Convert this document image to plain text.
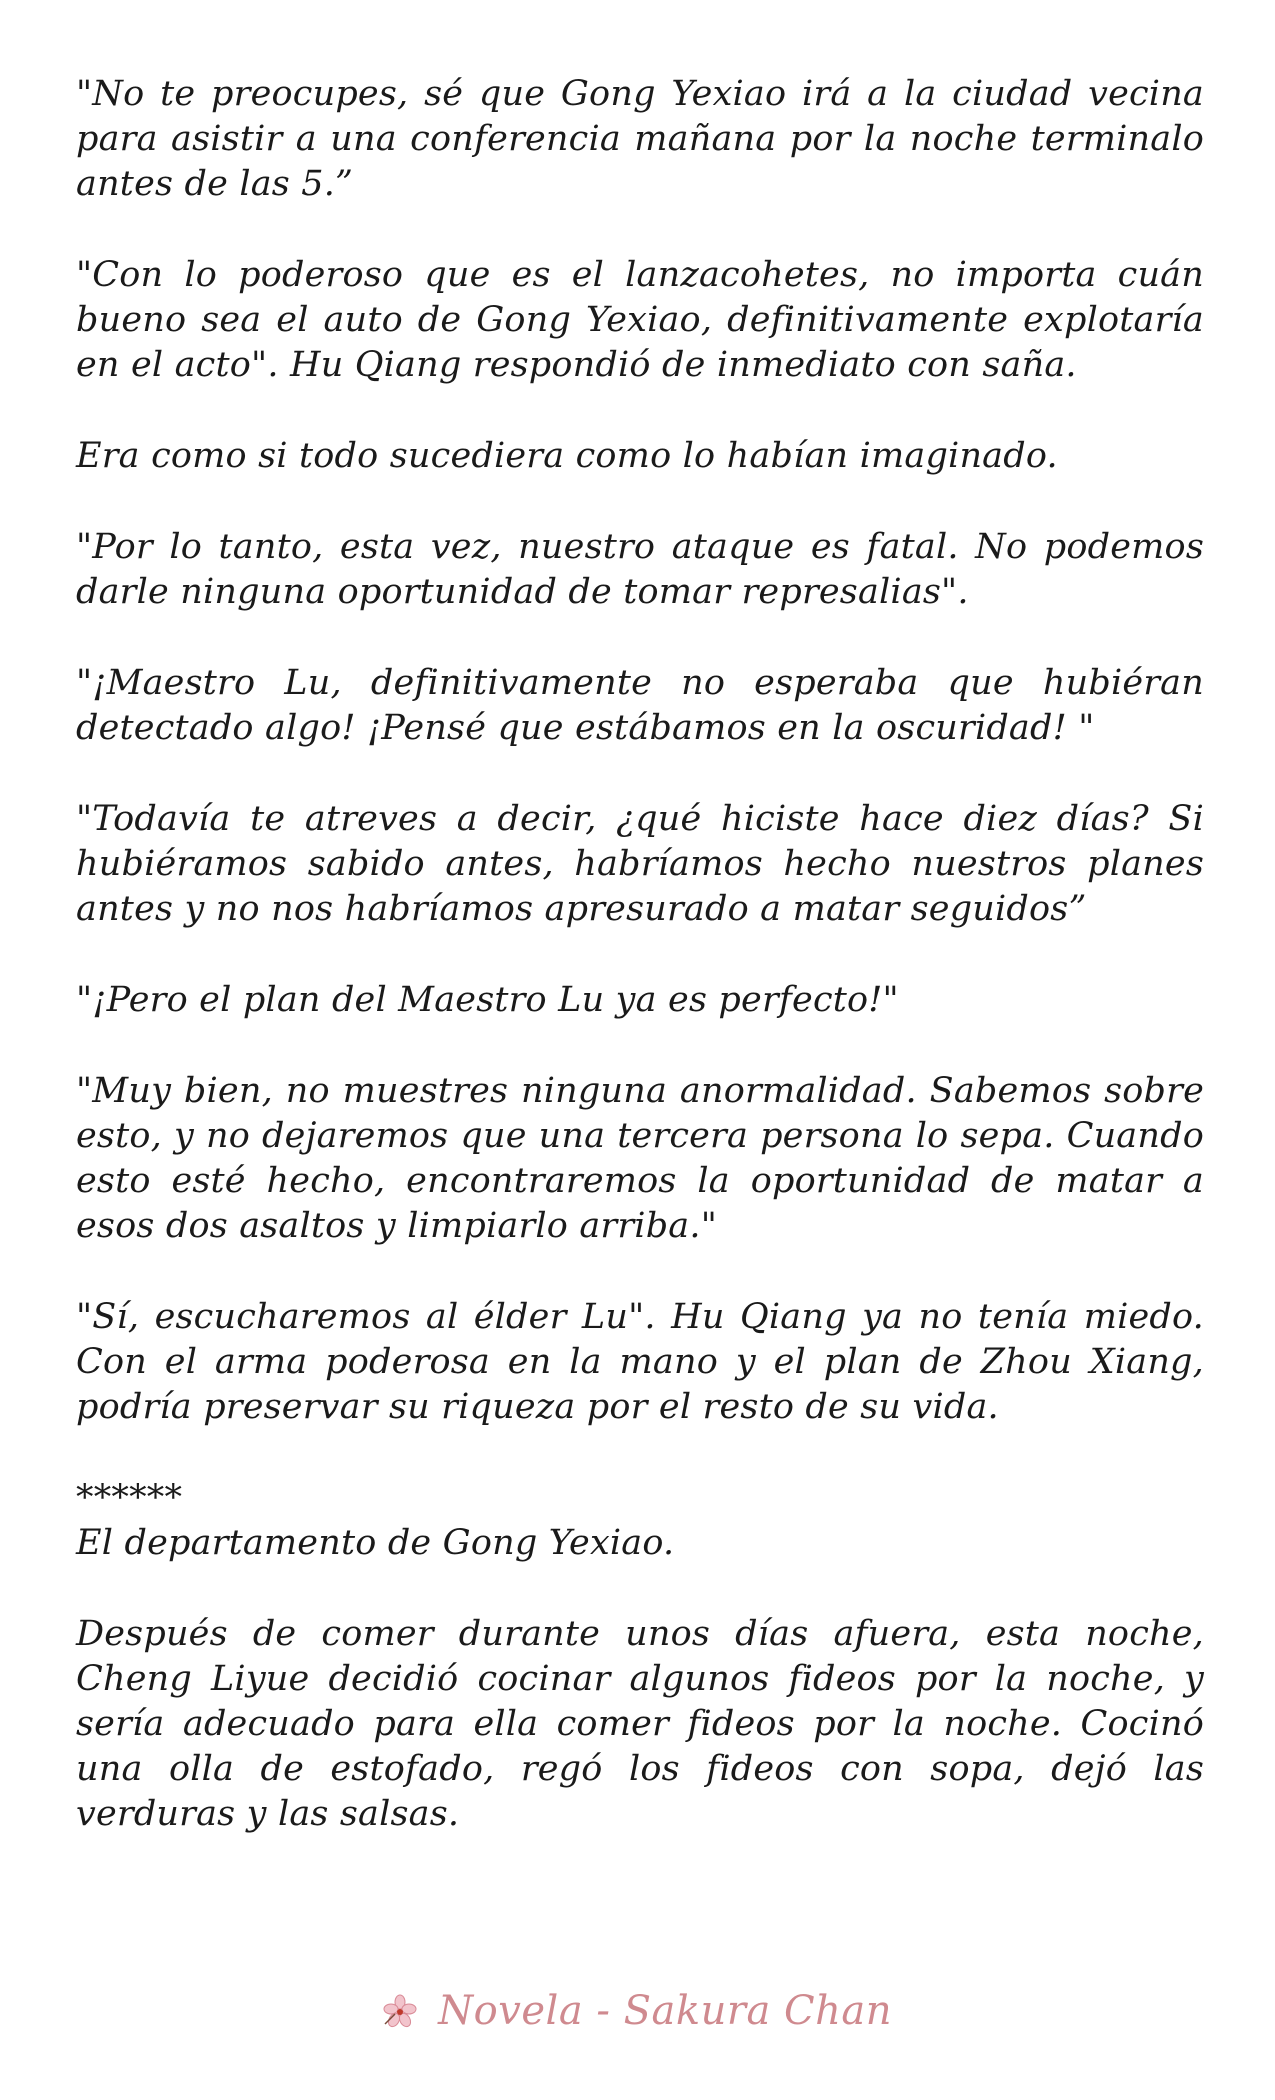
"No te preocupes, sé que Gong Yexiao irá a la ciudad vecina para asistir a una conferencia mañana por la noche terminalo antes de las 5.”

"Con lo poderoso que es el lanzacohetes, no importa cuán bueno sea el auto de Gong Yexiao, definitivamente explotaría en el acto". Hu Qiang respondió de inmediato con saña.

Era como si todo sucediera como lo habían imaginado.

"Por lo tanto, esta vez, nuestro ataque es fatal. No podemos darle ninguna oportunidad de tomar represalias".

"¡Maestro Lu, definitivamente no esperaba que hubiéran detectado algo! ¡Pensé que estábamos en la oscuridad! "

"Todavía te atreves a decir, ¿qué hiciste hace diez días? Si hubiéramos sabido antes, habríamos hecho nuestros planes antes y no nos habríamos apresurado a matar seguidos”

"¡Pero el plan del Maestro Lu ya es perfecto!"

"Muy bien, no muestres ninguna anormalidad. Sabemos sobre esto, y no dejaremos que una tercera persona lo sepa. Cuando esto esté hecho, encontraremos la oportunidad de matar a esos dos asaltos y limpiarlo arriba."

"Sí, escucharemos al élder Lu". Hu Qiang ya no tenía miedo. Con el arma poderosa en la mano y el plan de Zhou Xiang, podría preservar su riqueza por el resto de su vida.

******

El departamento de Gong Yexiao.

Después de comer durante unos días afuera, esta noche, Cheng Liyue decidió cocinar algunos fideos por la noche, y sería adecuado para ella comer fideos por la noche. Cocinó una olla de estofado, regó los fideos con sopa, dejó las verduras y las salsas.

Novela - Sakura Chan
